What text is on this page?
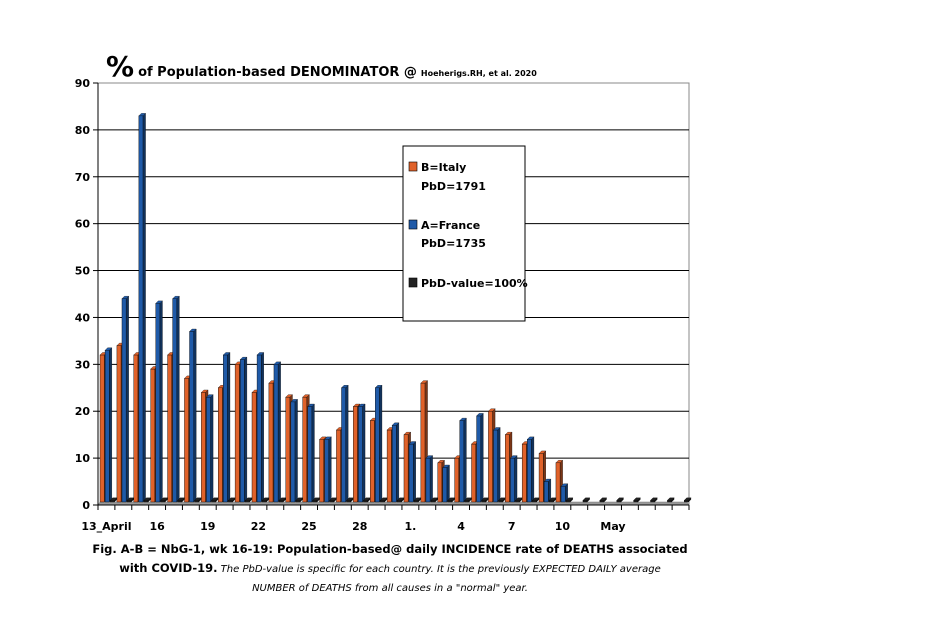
0
10
20
30
40
50
60
70
80
90
13_April 16	19	22	25	28	1.	4	7	10	May
% of Population-based DENOMINATOR @ Hoeherigs.RH, et al. 2020
B=Italy
PbD=1791
A=France
PbD=1735
PbD-value=100%
Fig. A-B = NbG-1, wk 16-19: Population-based@ daily INCIDENCE rate of DEATHS associated
with COVID-19. The PbD-value is specific for each country. It is the previously EXPECTED DAILY average
NUMBER of DEATHS from all causes in a "normal" year.
